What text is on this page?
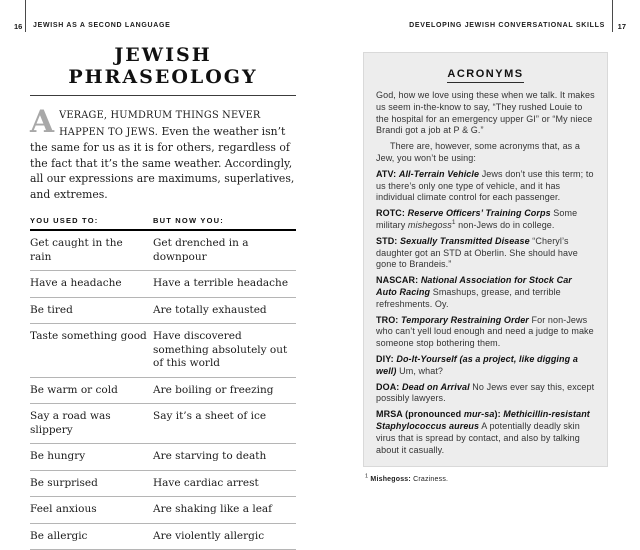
16 JEWISH AS A SECOND LANGUAGE
JEWISH
PHRASEOLOGY

AVERAGE, HUMDRUM THINGS NEVER HAPPEN TO JEWS. Even the weather isn’t the same for us as it is for others, regardless of the fact that it’s the same weather. Accordingly, all our expressions are maximums, superlatives, and extremes.

YOU USED TO:	BUT NOW YOU:
Get caught in the rain	Get drenched in a downpour
Have a headache	Have a terrible headache
Be tired	Are totally exhausted
Taste something good	Have discovered something absolutely out of this world
Be warm or cold	Are boiling or freezing
Say a road was slippery	Say it’s a sheet of ice
Be hungry	Are starving to death
Be surprised	Have cardiac arrest
Feel anxious	Are shaking like a leaf
Be allergic	Are violently allergic
DEVELOPING JEWISH CONVERSATIONAL SKILLS 17
ACRONYMS

God, how we love using these when we talk. It makes us seem in-the-know to say, “They rushed Louie to the hospital for an emergency upper GI” or “My niece Brandi got a job at P & G.”

There are, however, some acronyms that, as a Jew, you won’t be using:

ATV: All-Terrain Vehicle Jews don’t use this term; to us there’s only one type of vehicle, and it has individual climate control for each passenger.

ROTC: Reserve Officers’ Training Corps Some military mishegoss$^1$ non-Jews do in college.

STD: Sexually Transmitted Disease “Cheryl’s daughter got an STD at Oberlin. She should have gone to Brandeis.”

NASCAR: National Association for Stock Car Auto Racing Smashups, grease, and terrible refreshments. Oy.

TRO: Temporary Restraining Order For non-Jews who can’t yell loud enough and need a judge to make someone stop bothering them.

DIY: Do-It-Yourself (as a project, like digging a well) Um, what?

DOA: Dead on Arrival No Jews ever say this, except possibly lawyers.

MRSA (pronounced mur-sa): Methicillin-resistant Staphylococcus aureus A potentially deadly skin virus that is spread by contact, and also by talking about it casually.

$^1$ Mishegoss: Craziness.
